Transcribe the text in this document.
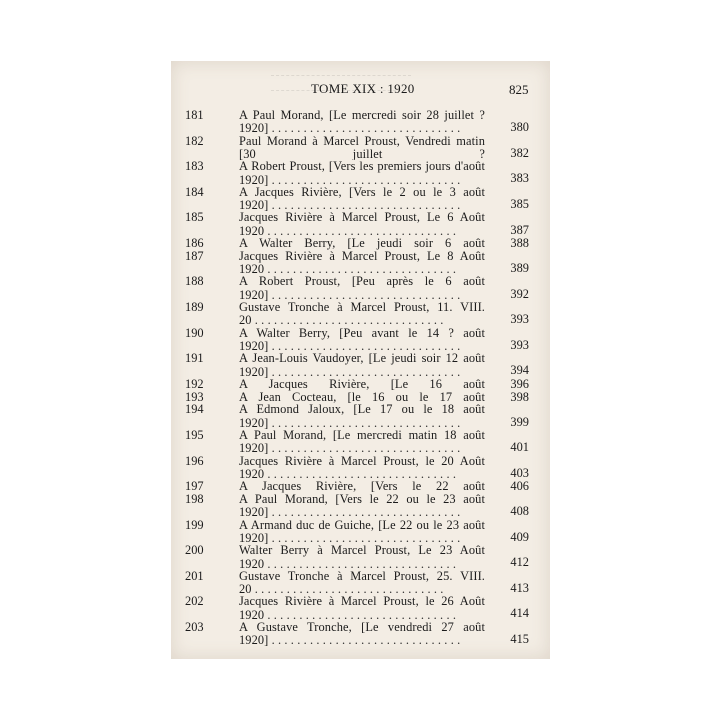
TOME XIX : 1920	825
181	A Paul Morand, [Le mercredi soir 28 juillet ? 1920] . . .	380
182	Paul Morand à Marcel Proust, Vendredi matin [30 juillet ? . . .	382
183	A Robert Proust, [Vers les premiers jours d'août 1920] . . .	383
184	A Jacques Rivière, [Vers le 2 ou le 3 août 1920] . . .	385
185	Jacques Rivière à Marcel Proust, Le 6 Août 1920 . . .	387
186	A Walter Berry, [Le jeudi soir 6 août . . .	388
187	Jacques Rivière à Marcel Proust, Le 8 Août 1920 . . .	389
188	A Robert Proust, [Peu après le 6 août 1920] . . .	392
189	Gustave Tronche à Marcel Proust, 11. VIII. 20 . . .	393
190	A Walter Berry, [Peu avant le 14 ? août 1920] . . .	393
191	A Jean-Louis Vaudoyer, [Le jeudi soir 12 août 1920] . . .	394
192	A Jacques Rivière, [Le 16 août . . .	396
193	A Jean Cocteau, [le 16 ou le 17 août . . .	398
194	A Edmond Jaloux, [Le 17 ou le 18 août 1920] . . .	399
195	A Paul Morand, [Le mercredi matin 18 août 1920] . . .	401
196	Jacques Rivière à Marcel Proust, le 20 Août 1920 . . .	403
197	A Jacques Rivière, [Vers le 22 août . . .	406
198	A Paul Morand, [Vers le 22 ou le 23 août 1920] . . .	408
199	A Armand duc de Guiche, [Le 22 ou le 23 août 1920] . . .	409
200	Walter Berry à Marcel Proust, Le 23 Août 1920 . . .	412
201	Gustave Tronche à Marcel Proust, 25. VIII. 20 . . .	413
202	Jacques Rivière à Marcel Proust, le 26 Août 1920 . . .	414
203	A Gustave Tronche, [Le vendredi 27 août 1920] . . .	415
